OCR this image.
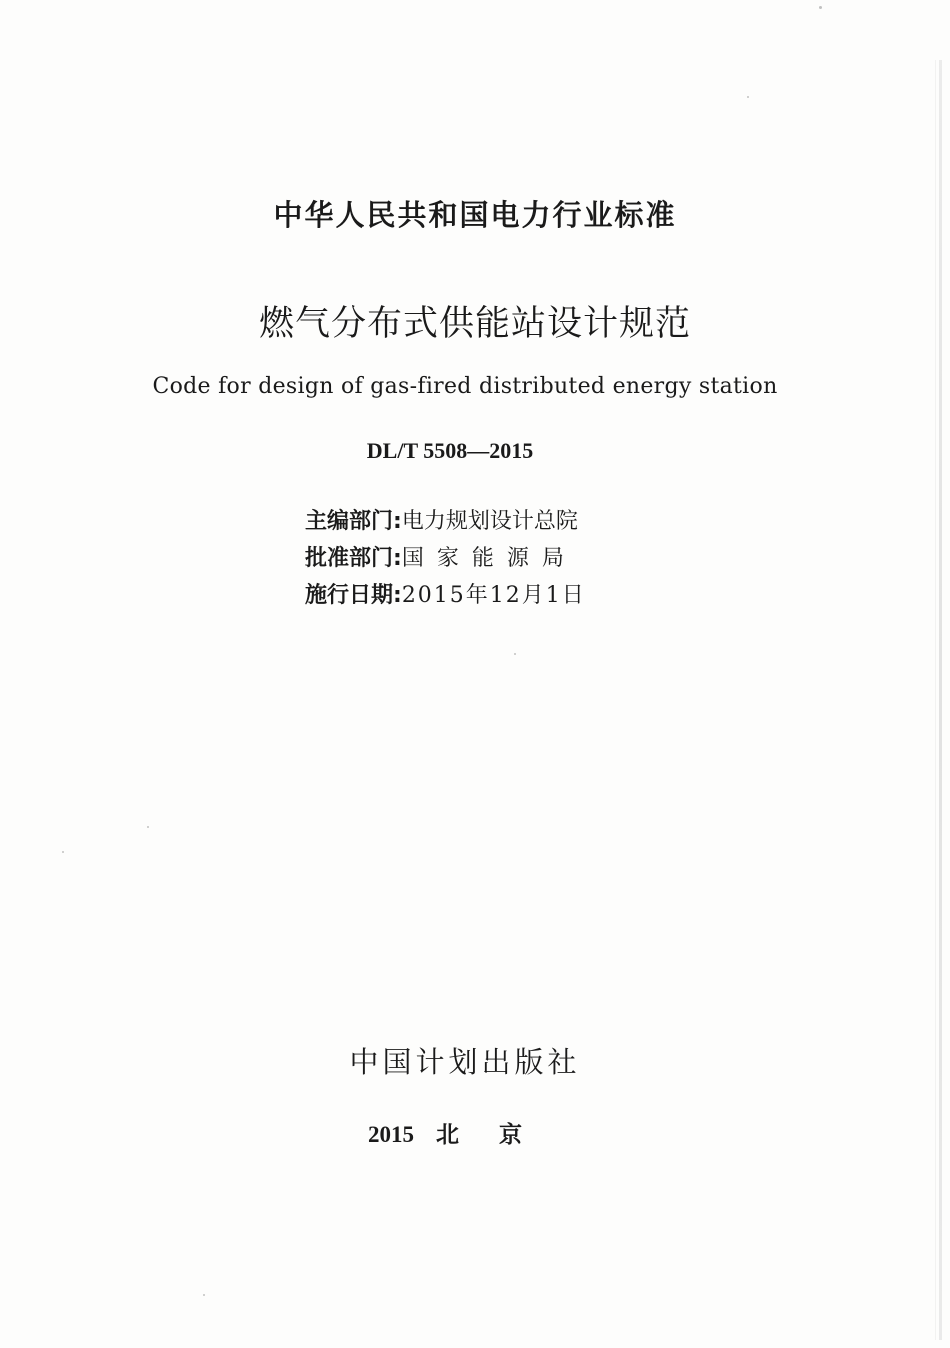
中华人民共和国电力行业标准
燃气分布式供能站设计规范
Code for design of gas-fired distributed energy station
DL/T 5508—2015
主编部门:电力规划设计总院
批准部门:国家能源局
施行日期:2015年12月1日
中国计划出版社
2015 北京
